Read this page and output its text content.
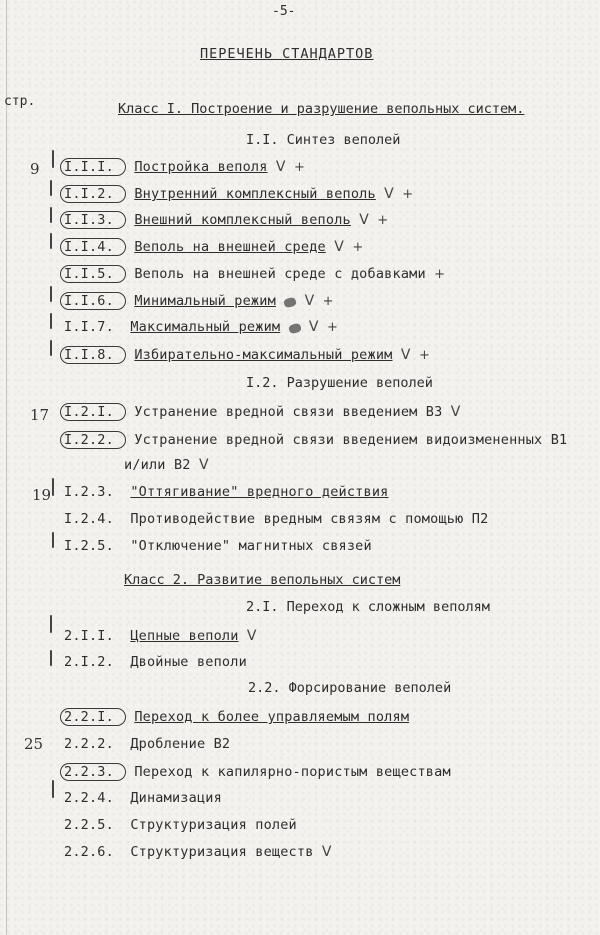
-5-
ПЕРЕЧЕНЬ СТАНДАРТОВ
стр.	Класс I. Построение и разрушение вепольных систем.
I.I. Синтез веполей
9 I.I.I. Постройка веполя V +
I.I.2. Внутренний комплексный веполь V +
I.I.3. Внешний комплексный веполь V +
I.I.4. Веполь на внешней среде V +
I.I.5. Веполь на внешней среде с добавками +
I.I.6. Минимальный режим V +
I.I.7. Максимальный режим V +
I.I.8. Избирательно-максимальный режим V +
I.2. Разрушение веполей
17 I.2.I. Устранение вредной связи введением В3 V
I.2.2. Устранение вредной связи введением видоизмененных В1
и/или В2 V
19 I.2.3. "Оттягивание" вредного действия
I.2.4. Противодействие вредным связям с помощью П2
I.2.5. "Отключение" магнитных связей
Класс 2. Развитие вепольных систем
2.I. Переход к сложным веполям
2.I.I. Цепные веполи V
2.I.2. Двойные веполи
2.2. Форсирование веполей
2.2.I. Переход к более управляемым полям
25 2.2.2. Дробление В2
2.2.3. Переход к капилярно-пористым веществам
2.2.4. Динамизация
2.2.5. Структуризация полей
2.2.6. Структуризация веществ V
